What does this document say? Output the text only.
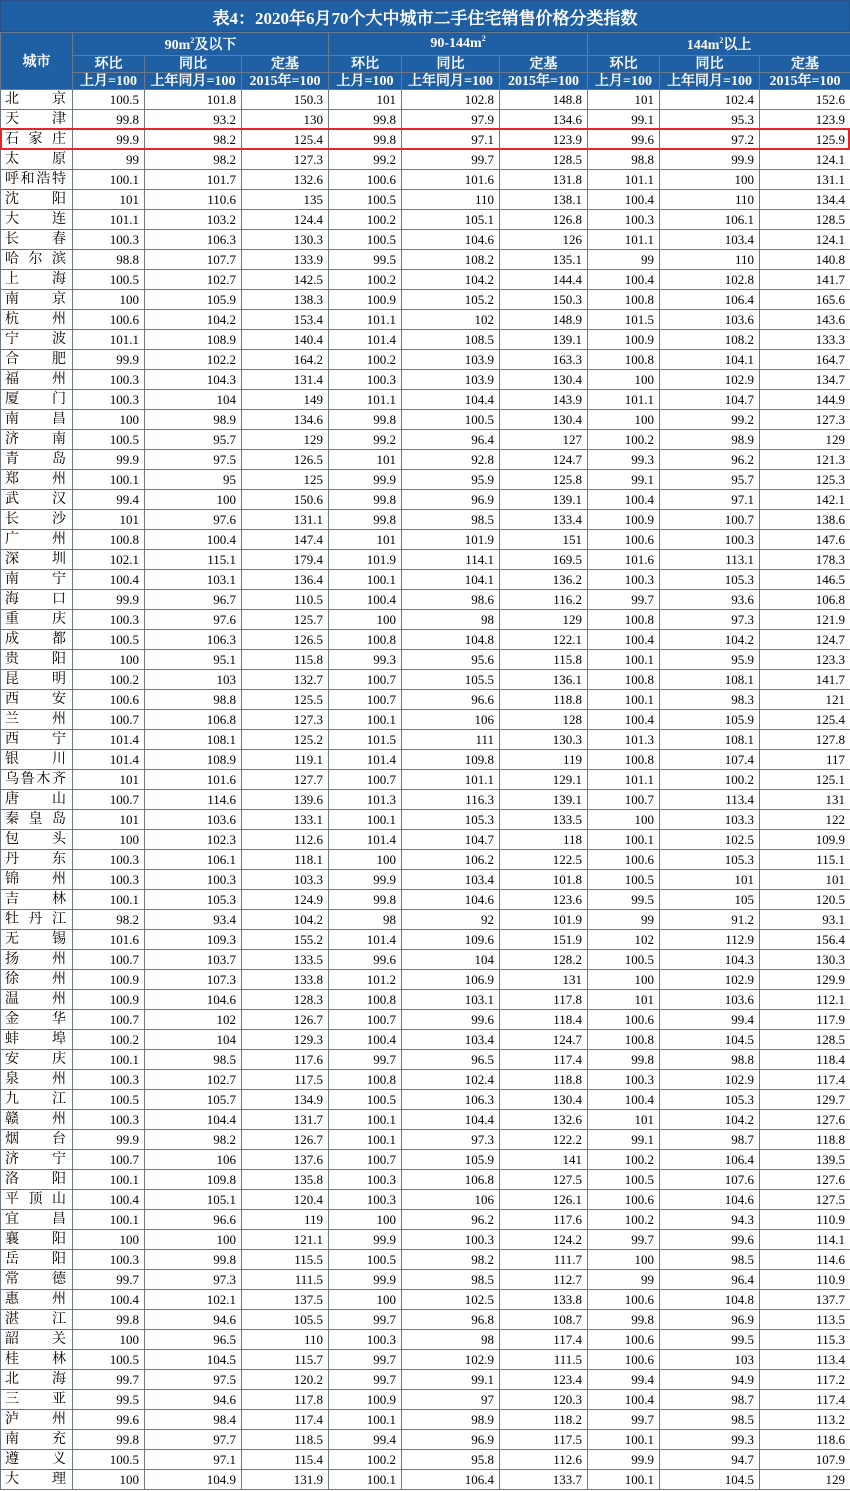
表4：2020年6月70个大中城市二手住宅销售价格分类指数
城市	$90m^2$及以下			$90-144m^2$			$144m^2$以上		
	环比	同比	定基	环比	同比	定基	环比	同比	定基
	上月=100	上年同月=100	2015年=100	上月=100	上年同月=100	2015年=100	上月=100	上年同月=100	2015年=100
北京	100.5	101.8	150.3	101	102.8	148.8	101	102.4	152.6
天津	99.8	93.2	130	99.8	97.9	134.6	99.1	95.3	123.9
石家庄	99.9	98.2	125.4	99.8	97.1	123.9	99.6	97.2	125.9
太原	99	98.2	127.3	99.2	99.7	128.5	98.8	99.9	124.1
呼和浩特	100.1	101.7	132.6	100.6	101.6	131.8	101.1	100	131.1
沈阳	101	110.6	135	100.5	110	138.1	100.4	110	134.4
大连	101.1	103.2	124.4	100.2	105.1	126.8	100.3	106.1	128.5
长春	100.3	106.3	130.3	100.5	104.6	126	101.1	103.4	124.1
哈尔滨	98.8	107.7	133.9	99.5	108.2	135.1	99	110	140.8
上海	100.5	102.7	142.5	100.2	104.2	144.4	100.4	102.8	141.7
南京	100	105.9	138.3	100.9	105.2	150.3	100.8	106.4	165.6
杭州	100.6	104.2	153.4	101.1	102	148.9	101.5	103.6	143.6
宁波	101.1	108.9	140.4	101.4	108.5	139.1	100.9	108.2	133.3
合肥	99.9	102.2	164.2	100.2	103.9	163.3	100.8	104.1	164.7
福州	100.3	104.3	131.4	100.3	103.9	130.4	100	102.9	134.7
厦门	100.3	104	149	101.1	104.4	143.9	101.1	104.7	144.9
南昌	100	98.9	134.6	99.8	100.5	130.4	100	99.2	127.3
济南	100.5	95.7	129	99.2	96.4	127	100.2	98.9	129
青岛	99.9	97.5	126.5	101	92.8	124.7	99.3	96.2	121.3
郑州	100.1	95	125	99.9	95.9	125.8	99.1	95.7	125.3
武汉	99.4	100	150.6	99.8	96.9	139.1	100.4	97.1	142.1
长沙	101	97.6	131.1	99.8	98.5	133.4	100.9	100.7	138.6
广州	100.8	100.4	147.4	101	101.9	151	100.6	100.3	147.6
深圳	102.1	115.1	179.4	101.9	114.1	169.5	101.6	113.1	178.3
南宁	100.4	103.1	136.4	100.1	104.1	136.2	100.3	105.3	146.5
海口	99.9	96.7	110.5	100.4	98.6	116.2	99.7	93.6	106.8
重庆	100.3	97.6	125.7	100	98	129	100.8	97.3	121.9
成都	100.5	106.3	126.5	100.8	104.8	122.1	100.4	104.2	124.7
贵阳	100	95.1	115.8	99.3	95.6	115.8	100.1	95.9	123.3
昆明	100.2	103	132.7	100.7	105.5	136.1	100.8	108.1	141.7
西安	100.6	98.8	125.5	100.7	96.6	118.8	100.1	98.3	121
兰州	100.7	106.8	127.3	100.1	106	128	100.4	105.9	125.4
西宁	101.4	108.1	125.2	101.5	111	130.3	101.3	108.1	127.8
银川	101.4	108.9	119.1	101.4	109.8	119	100.8	107.4	117
乌鲁木齐	101	101.6	127.7	100.7	101.1	129.1	101.1	100.2	125.1
唐山	100.7	114.6	139.6	101.3	116.3	139.1	100.7	113.4	131
秦皇岛	101	103.6	133.1	100.1	105.3	133.5	100	103.3	122
包头	100	102.3	112.6	101.4	104.7	118	100.1	102.5	109.9
丹东	100.3	106.1	118.1	100	106.2	122.5	100.6	105.3	115.1
锦州	100.3	100.3	103.3	99.9	103.4	101.8	100.5	101	101
吉林	100.1	105.3	124.9	99.8	104.6	123.6	99.5	105	120.5
牡丹江	98.2	93.4	104.2	98	92	101.9	99	91.2	93.1
无锡	101.6	109.3	155.2	101.4	109.6	151.9	102	112.9	156.4
扬州	100.7	103.7	133.5	99.6	104	128.2	100.5	104.3	130.3
徐州	100.9	107.3	133.8	101.2	106.9	131	100	102.9	129.9
温州	100.9	104.6	128.3	100.8	103.1	117.8	101	103.6	112.1
金华	100.7	102	126.7	100.7	99.6	118.4	100.6	99.4	117.9
蚌埠	100.2	104	129.3	100.4	103.4	124.7	100.8	104.5	128.5
安庆	100.1	98.5	117.6	99.7	96.5	117.4	99.8	98.8	118.4
泉州	100.3	102.7	117.5	100.8	102.4	118.8	100.3	102.9	117.4
九江	100.5	105.7	134.9	100.5	106.3	130.4	100.4	105.3	129.7
赣州	100.3	104.4	131.7	100.1	104.4	132.6	101	104.2	127.6
烟台	99.9	98.2	126.7	100.1	97.3	122.2	99.1	98.7	118.8
济宁	100.7	106	137.6	100.7	105.9	141	100.2	106.4	139.5
洛阳	100.1	109.8	135.8	100.3	106.8	127.5	100.5	107.6	127.6
平顶山	100.4	105.1	120.4	100.3	106	126.1	100.6	104.6	127.5
宜昌	100.1	96.6	119	100	96.2	117.6	100.2	94.3	110.9
襄阳	100	100	121.1	99.9	100.3	124.2	99.7	99.6	114.1
岳阳	100.3	99.8	115.5	100.5	98.2	111.7	100	98.5	114.6
常德	99.7	97.3	111.5	99.9	98.5	112.7	99	96.4	110.9
惠州	100.4	102.1	137.5	100	102.5	133.8	100.6	104.8	137.7
湛江	99.8	94.6	105.5	99.7	96.8	108.7	99.8	96.9	113.5
韶关	100	96.5	110	100.3	98	117.4	100.6	99.5	115.3
桂林	100.5	104.5	115.7	99.7	102.9	111.5	100.6	103	113.4
北海	99.7	97.5	120.2	99.7	99.1	123.4	99.4	94.9	117.2
三亚	99.5	94.6	117.8	100.9	97	120.3	100.4	98.7	117.4
泸州	99.6	98.4	117.4	100.1	98.9	118.2	99.7	98.5	113.2
南充	99.8	97.7	118.5	99.4	96.9	117.5	100.1	99.3	118.6
遵义	100.5	97.1	115.4	100.2	95.8	112.6	99.9	94.7	107.9
大理	100	104.9	131.9	100.1	106.4	133.7	100.1	104.5	129
